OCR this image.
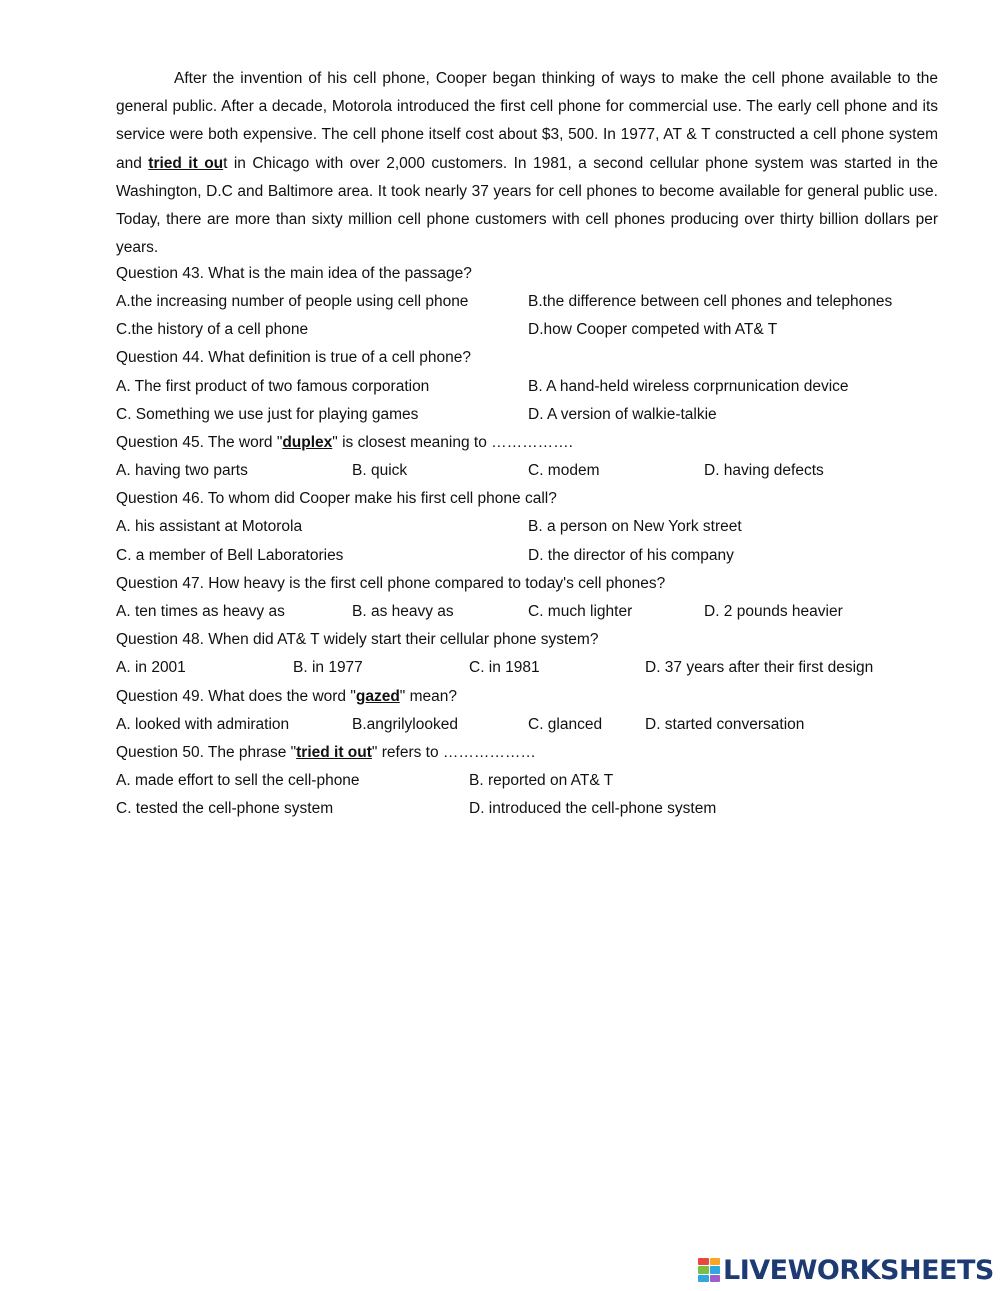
After the invention of his cell phone, Cooper began thinking of ways to make the cell phone available to the general public. After a decade, Motorola introduced the first cell phone for commercial use. The early cell phone and its service were both expensive. The cell phone itself cost about $3, 500. In 1977, AT & T constructed a cell phone system and tried it out in Chicago with over 2,000 customers. In 1981, a second cellular phone system was started in the Washington, D.C and Baltimore area. It took nearly 37 years for cell phones to become available for general public use. Today, there are more than sixty million cell phone customers with cell phones producing over thirty billion dollars per years.

Question 43. What is the main idea of the passage?
A.the increasing number of people using cell phone	B.the difference between cell phones and telephones
C.the history of a cell phone	D.how Cooper competed with AT& T
Question 44. What definition is true of a cell phone?
A. The first product of two famous corporation	B. A hand-held wireless corprnunication device
C. Something we use just for playing games	D. A version of walkie-talkie
Question 45. The word "duplex" is closest meaning to …………….
A. having two parts	B. quick	C. modem	D. having defects
Question 46. To whom did Cooper make his first cell phone call?
A. his assistant at Motorola	B. a person on New York street
C. a member of Bell Laboratories	D. the director of his company
Question 47. How heavy is the first cell phone compared to today's cell phones?
A. ten times as heavy as	B. as heavy as	C. much lighter	D. 2 pounds heavier
Question 48. When did AT& T widely start their cellular phone system?
A. in 2001	B. in 1977	C. in 1981	D. 37 years after their first design
Question 49. What does the word "gazed" mean?
A. looked with admiration	B.angrilylooked	C. glanced	D. started conversation
Question 50. The phrase "tried it out" refers to ………………
A. made effort to sell the cell-phone	B. reported on AT& T
C. tested the cell-phone system	D. introduced the cell-phone system
LIVEWORKSHEETS
